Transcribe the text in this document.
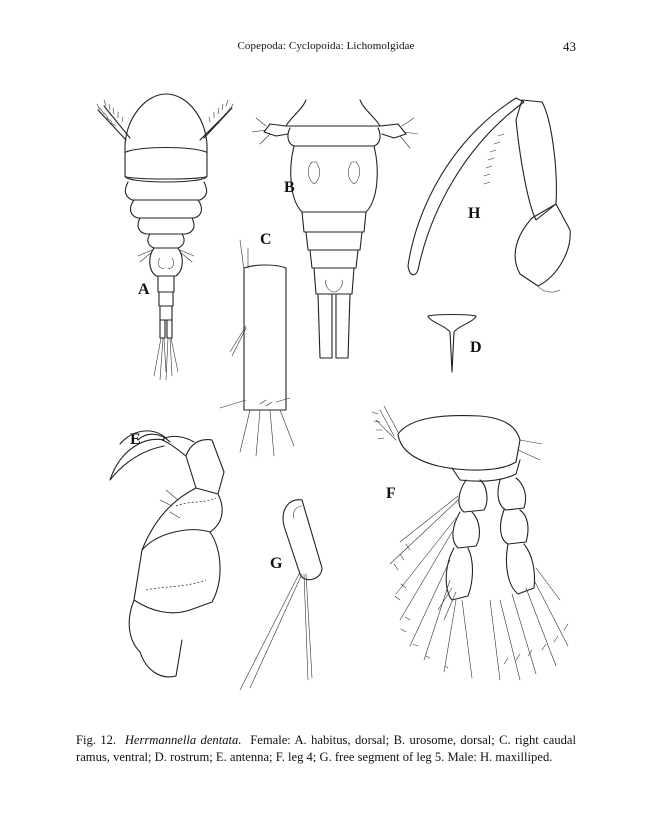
Copepoda: Cyclopoida: Lichomolgidae	43
A
B
C
D
H
E
G
F
Fig. 12. Herrmannella dentata. Female: A. habitus, dorsal; B. urosome, dorsal; C. right caudal ramus, ventral; D. rostrum; E. antenna; F. leg 4; G. free segment of leg 5. Male: H. maxilliped.
